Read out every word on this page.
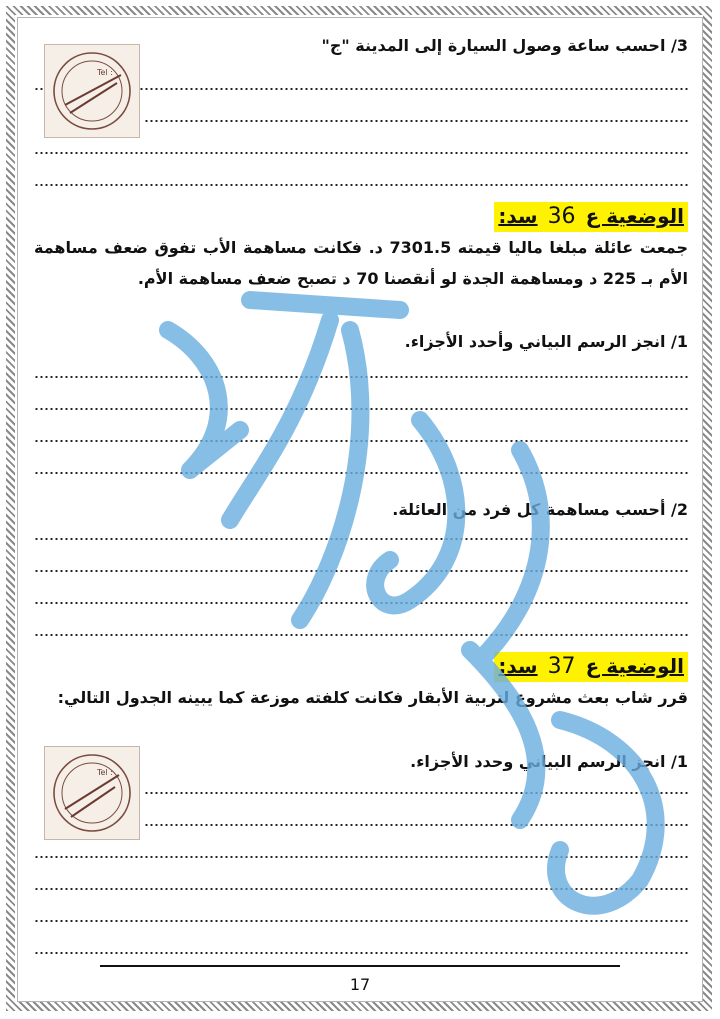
3/ احسب ساعة وصول السيارة إلى المدينة "ج"
الوضعية ع36سد:
جمعت عائلة مبلغا ماليا قيمته 7301.5 د. فكانت مساهمة الأب تفوق ضعف مساهمة الأم بـ 225 د ومساهمة الجدة لو أنقصنا 70 د تصبح ضعف مساهمة الأم.
1/ انجز الرسم البياني وأحدد الأجزاء.
2/ أحسب مساهمة كل فرد من العائلة.
الوضعية ع37سد:
قرر شاب بعث مشروع لتربية الأبقار فكانت كلفته موزعة كما يبينه الجدول التالي:
1/ انجز الرسم البياني وحدد الأجزاء.
Tel :
Tel :
17
